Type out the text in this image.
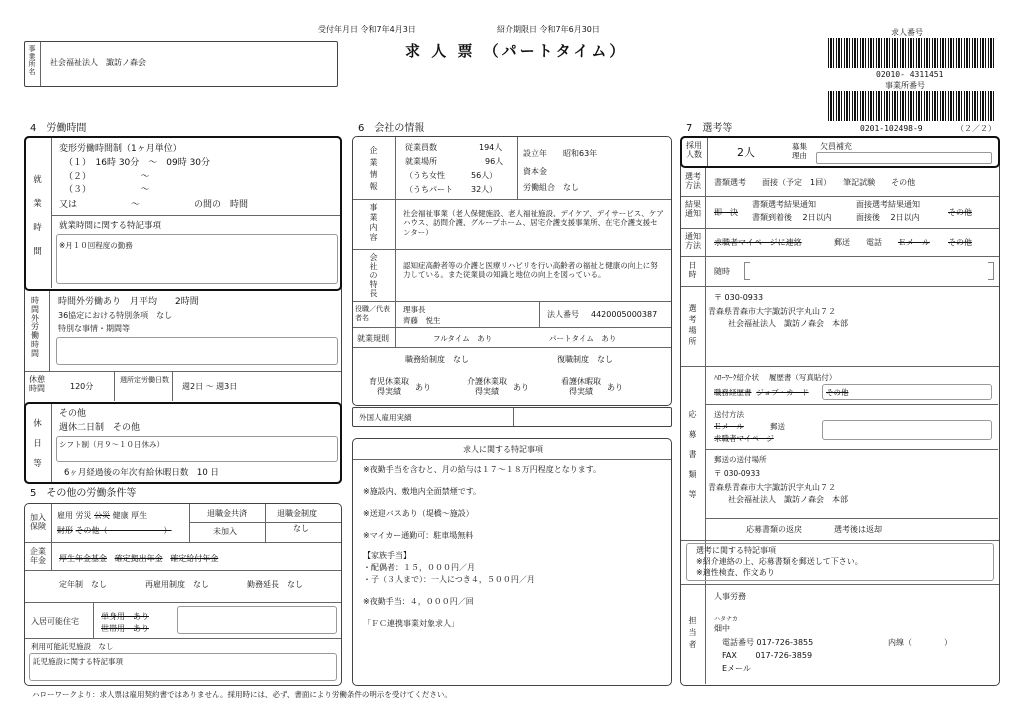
受付年月日 令和7年4月3日	紹介期限日 令和7年6月30日
求 人 票 （パートタイム）
事業所名
社会福祉法人　諏訪ノ森会
求人番号
02010- 4311451
事業所番号
0201-102498-9	（２／２）
4　労働時間
就業時間
変形労働時間制（1ヶ月単位）
（１）　16時 30分　～　09時 30分
（２）　　　　　　～
（３）　　　　　　～
又は　　　　　　～　　　　　　の間の　時間
就業時間に関する特記事項
※月１０回程度の勤務
時間外労働時間
時間外労働あり　月平均　　2時間
36協定における特別条項　なし
特別な事情・期間等
休憩時間	120分
週所定労働日数
週2日 ～ 週3日
休日等
その他
週休二日制　その他
シフト制（月９～１０日休み）
6ヶ月経過後の年次有給休暇日数　10 日
5　その他の労働条件等
加入保険
雇用 労災 公災 健康 厚生
財形 その他（　　　　　　　）
退職金共済
未加入
退職金制度
なし
企業年金 厚生年金基金 確定拠出年金 確定給付年金
定年制　なし	再雇用制度　なし	勤務延長　なし
入居可能住宅
単身用　あり
世帯用　あり
利用可能託児施設　なし
託児施設に関する特記事項
6　会社の情報
企業情報
従業員数	194人
就業場所	96人
（うち女性	56人）
（うちパート 32人）
設立年　　昭和63年
資本金
労働組合　なし
事業内容
社会福祉事業（老人保健施設、老人福祉施設、デイケア、デイサービス、ケアハウス、訪問介護、グループホーム、居宅介護支援事業所、在宅介護支援センター）
会社の特長
認知症高齢者等の介護と医療リハビリを行い高齢者の福祉と健康の向上に努力している。また従業員の知識と地位の向上を図っている。
役職／代表者名
理事長
齊藤　悦生
法人番号 4420005000387
就業規則	フルタイム　あり	パートタイム　あり
職務給制度　なし	復職制度　なし
育児休業取得実績	あり
介護休業取得実績	あり
看護休暇取得実績	あり
外国人雇用実績
求人に関する特記事項
※夜勤手当を含むと、月の給与は１７～１８万円程度となります。
※施設内、敷地内全面禁煙です。
※送迎バスあり（堤橋～施設）
※マイカー通勤可：駐車場無料
【家族手当】
・配偶者：１５，０００円／月
・子（３人まで）：一人につき４，５００円／月
※夜勤手当：４，０００円／回
「ＦＣ連携事業対象求人」
7　選考等
採用人数	2人	募集理由
欠員補充
選考方法 書類選考　　面接（予定　1回）　　筆記試験　　その他
結果通知 即　決
書類選考結果通知	面接選考結果通知
書類到着後　 2日以内	面接後　 2日以内
その他
通知方法 求職者マイページに連絡	郵送 電話 Ｅメール その他
日時 随時
選考場所
〒 030-0933
青森県青森市大字諏訪沢字丸山７２
社会福祉法人　諏訪ノ森会　本部
応募書類等
ﾊﾛｰﾜｰｸ紹介状　 履歴書（写真貼付）
職務経歴書 ジョブ・カード その他
送付方法
Ｅメール	郵送
求職者マイページ
郵送の送付場所
〒 030-0933
青森県青森市大字諏訪沢字丸山７２
社会福祉法人　諏訪ノ森会　本部
応募書類の返戻　　　　選考後は返却
選考に関する特記事項
※紹介連絡の上、応募書類を郵送して下さい。
※適性検査、作文あり
担当者
人事労務
ハタナカ
畑中
電話番号 017-726-3855	内線（　　　　）
FAX　　 017-726-3859
Eメール
ハローワークより：求人票は雇用契約書ではありません。採用時には、必ず、書面により労働条件の明示を受けてください。
